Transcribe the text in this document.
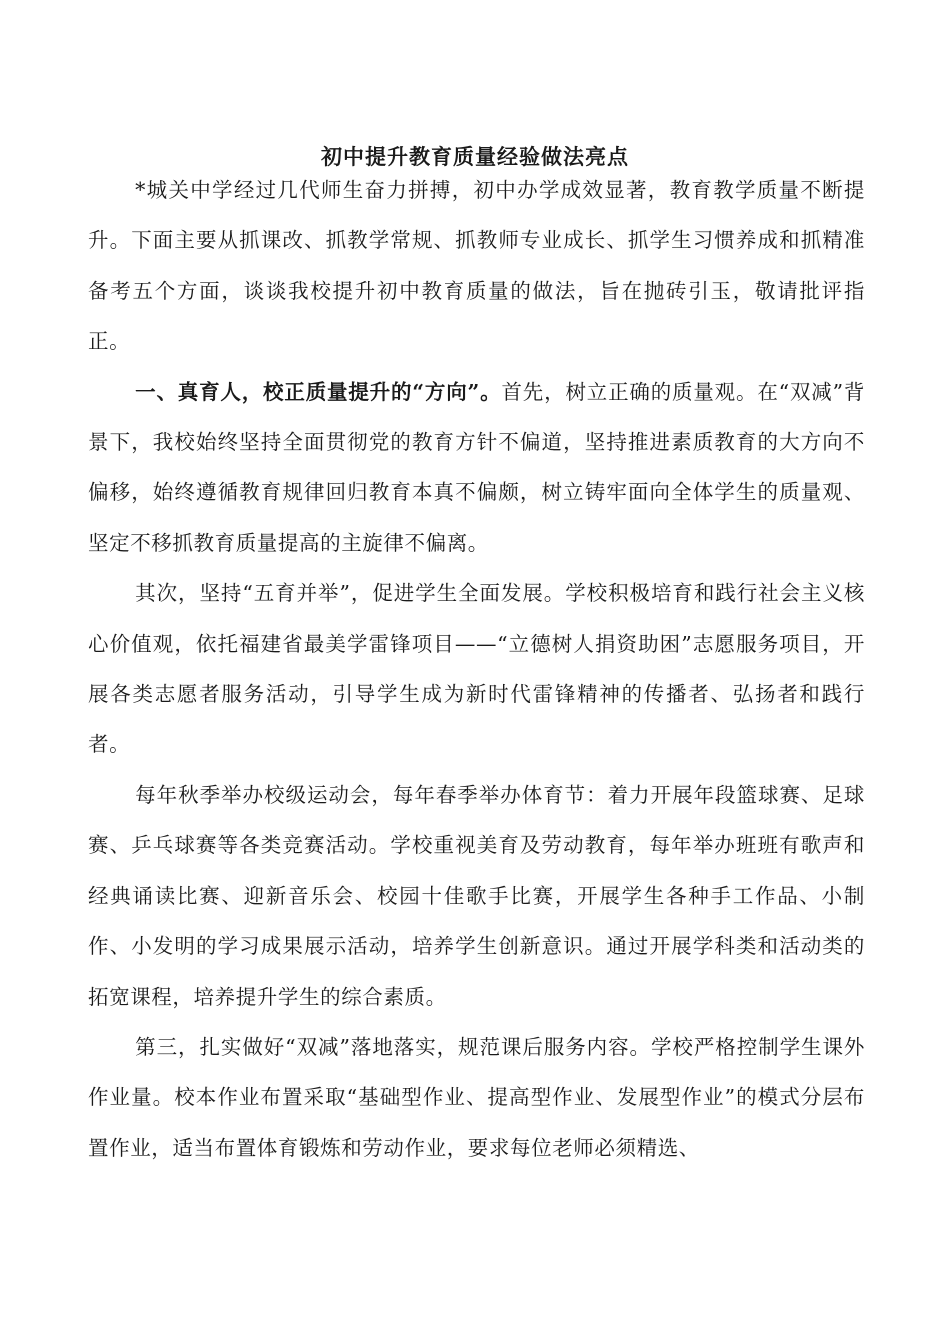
初中提升教育质量经验做法亮点

*城关中学经过几代师生奋力拼搏，初中办学成效显著，教育教学质量不断提升。下面主要从抓课改、抓教学常规、抓教师专业成长、抓学生习惯养成和抓精准备考五个方面，谈谈我校提升初中教育质量的做法，旨在抛砖引玉，敬请批评指正。

一、真育人，校正质量提升的“方向”。首先，树立正确的质量观。在“双减”背景下，我校始终坚持全面贯彻党的教育方针不偏道，坚持推进素质教育的大方向不偏移，始终遵循教育规律回归教育本真不偏颇，树立铸牢面向全体学生的质量观、坚定不移抓教育质量提高的主旋律不偏离。

其次，坚持“五育并举”，促进学生全面发展。学校积极培育和践行社会主义核心价值观，依托福建省最美学雷锋项目——“立德树人捐资助困”志愿服务项目，开展各类志愿者服务活动，引导学生成为新时代雷锋精神的传播者、弘扬者和践行者。

每年秋季举办校级运动会，每年春季举办体育节：着力开展年段篮球赛、足球赛、乒乓球赛等各类竞赛活动。学校重视美育及劳动教育，每年举办班班有歌声和经典诵读比赛、迎新音乐会、校园十佳歌手比赛，开展学生各种手工作品、小制作、小发明的学习成果展示活动，培养学生创新意识。通过开展学科类和活动类的拓宽课程，培养提升学生的综合素质。

第三，扎实做好“双减”落地落实，规范课后服务内容。学校严格控制学生课外作业量。校本作业布置采取“基础型作业、提高型作业、发展型作业”的模式分层布置作业，适当布置体育锻炼和劳动作业，要求每位老师必须精选、
